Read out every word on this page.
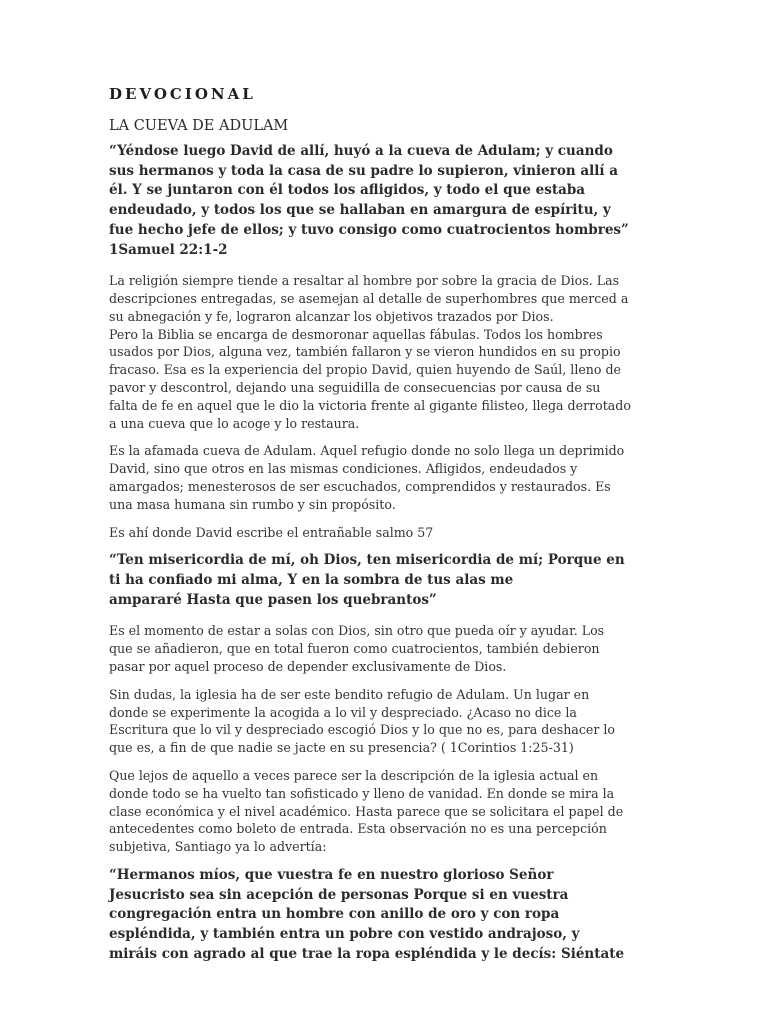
DEVOCIONAL
LA CUEVA DE ADULAM
“Yéndose luego David de allí, huyó a la cueva de Adulam; y cuando
sus hermanos y toda la casa de su padre lo supieron, vinieron allí a
él. Y se juntaron con él todos los afligidos, y todo el que estaba
endeudado, y todos los que se hallaban en amargura de espíritu, y
fue hecho jefe de ellos; y tuvo consigo como cuatrocientos hombres”
1Samuel 22:1-2
La religión siempre tiende a resaltar al hombre por sobre la gracia de Dios. Las
descripciones entregadas, se asemejan al detalle de superhombres que merced a
su abnegación y fe, lograron alcanzar los objetivos trazados por Dios.
Pero la Biblia se encarga de desmoronar aquellas fábulas. Todos los hombres
usados por Dios, alguna vez, también fallaron y se vieron hundidos en su propio
fracaso. Esa es la experiencia del propio David, quien huyendo de Saúl, lleno de
pavor y descontrol, dejando una seguidilla de consecuencias por causa de su
falta de fe en aquel que le dio la victoria frente al gigante filisteo, llega derrotado
a una cueva que lo acoge y lo restaura.
Es la afamada cueva de Adulam. Aquel refugio donde no solo llega un deprimido
David, sino que otros en las mismas condiciones. Afligidos, endeudados y
amargados; menesterosos de ser escuchados, comprendidos y restaurados. Es
una masa humana sin rumbo y sin propósito.
Es ahí donde David escribe el entrañable salmo 57
“Ten misericordia de mí, oh Dios, ten misericordia de mí; Porque en
ti ha confiado mi alma, Y en la sombra de tus alas me
ampararé Hasta que pasen los quebrantos”
Es el momento de estar a solas con Dios, sin otro que pueda oír y ayudar. Los
que se añadieron, que en total fueron como cuatrocientos, también debieron
pasar por aquel proceso de depender exclusivamente de Dios.
Sin dudas, la iglesia ha de ser este bendito refugio de Adulam. Un lugar en
donde se experimente la acogida a lo vil y despreciado. ¿Acaso no dice la
Escritura que lo vil y despreciado escogió Dios y lo que no es, para deshacer lo
que es, a fin de que nadie se jacte en su presencia? ( 1Corintios 1:25-31)
Que lejos de aquello a veces parece ser la descripción de la iglesia actual en
donde todo se ha vuelto tan sofisticado y lleno de vanidad. En donde se mira la
clase económica y el nivel académico. Hasta parece que se solicitara el papel de
antecedentes como boleto de entrada. Esta observación no es una percepción
subjetiva, Santiago ya lo advertía:
“Hermanos míos, que vuestra fe en nuestro glorioso Señor
Jesucristo sea sin acepción de personas Porque si en vuestra
congregación entra un hombre con anillo de oro y con ropa
espléndida, y también entra un pobre con vestido andrajoso, y
miráis con agrado al que trae la ropa espléndida y le decís: Siéntate
